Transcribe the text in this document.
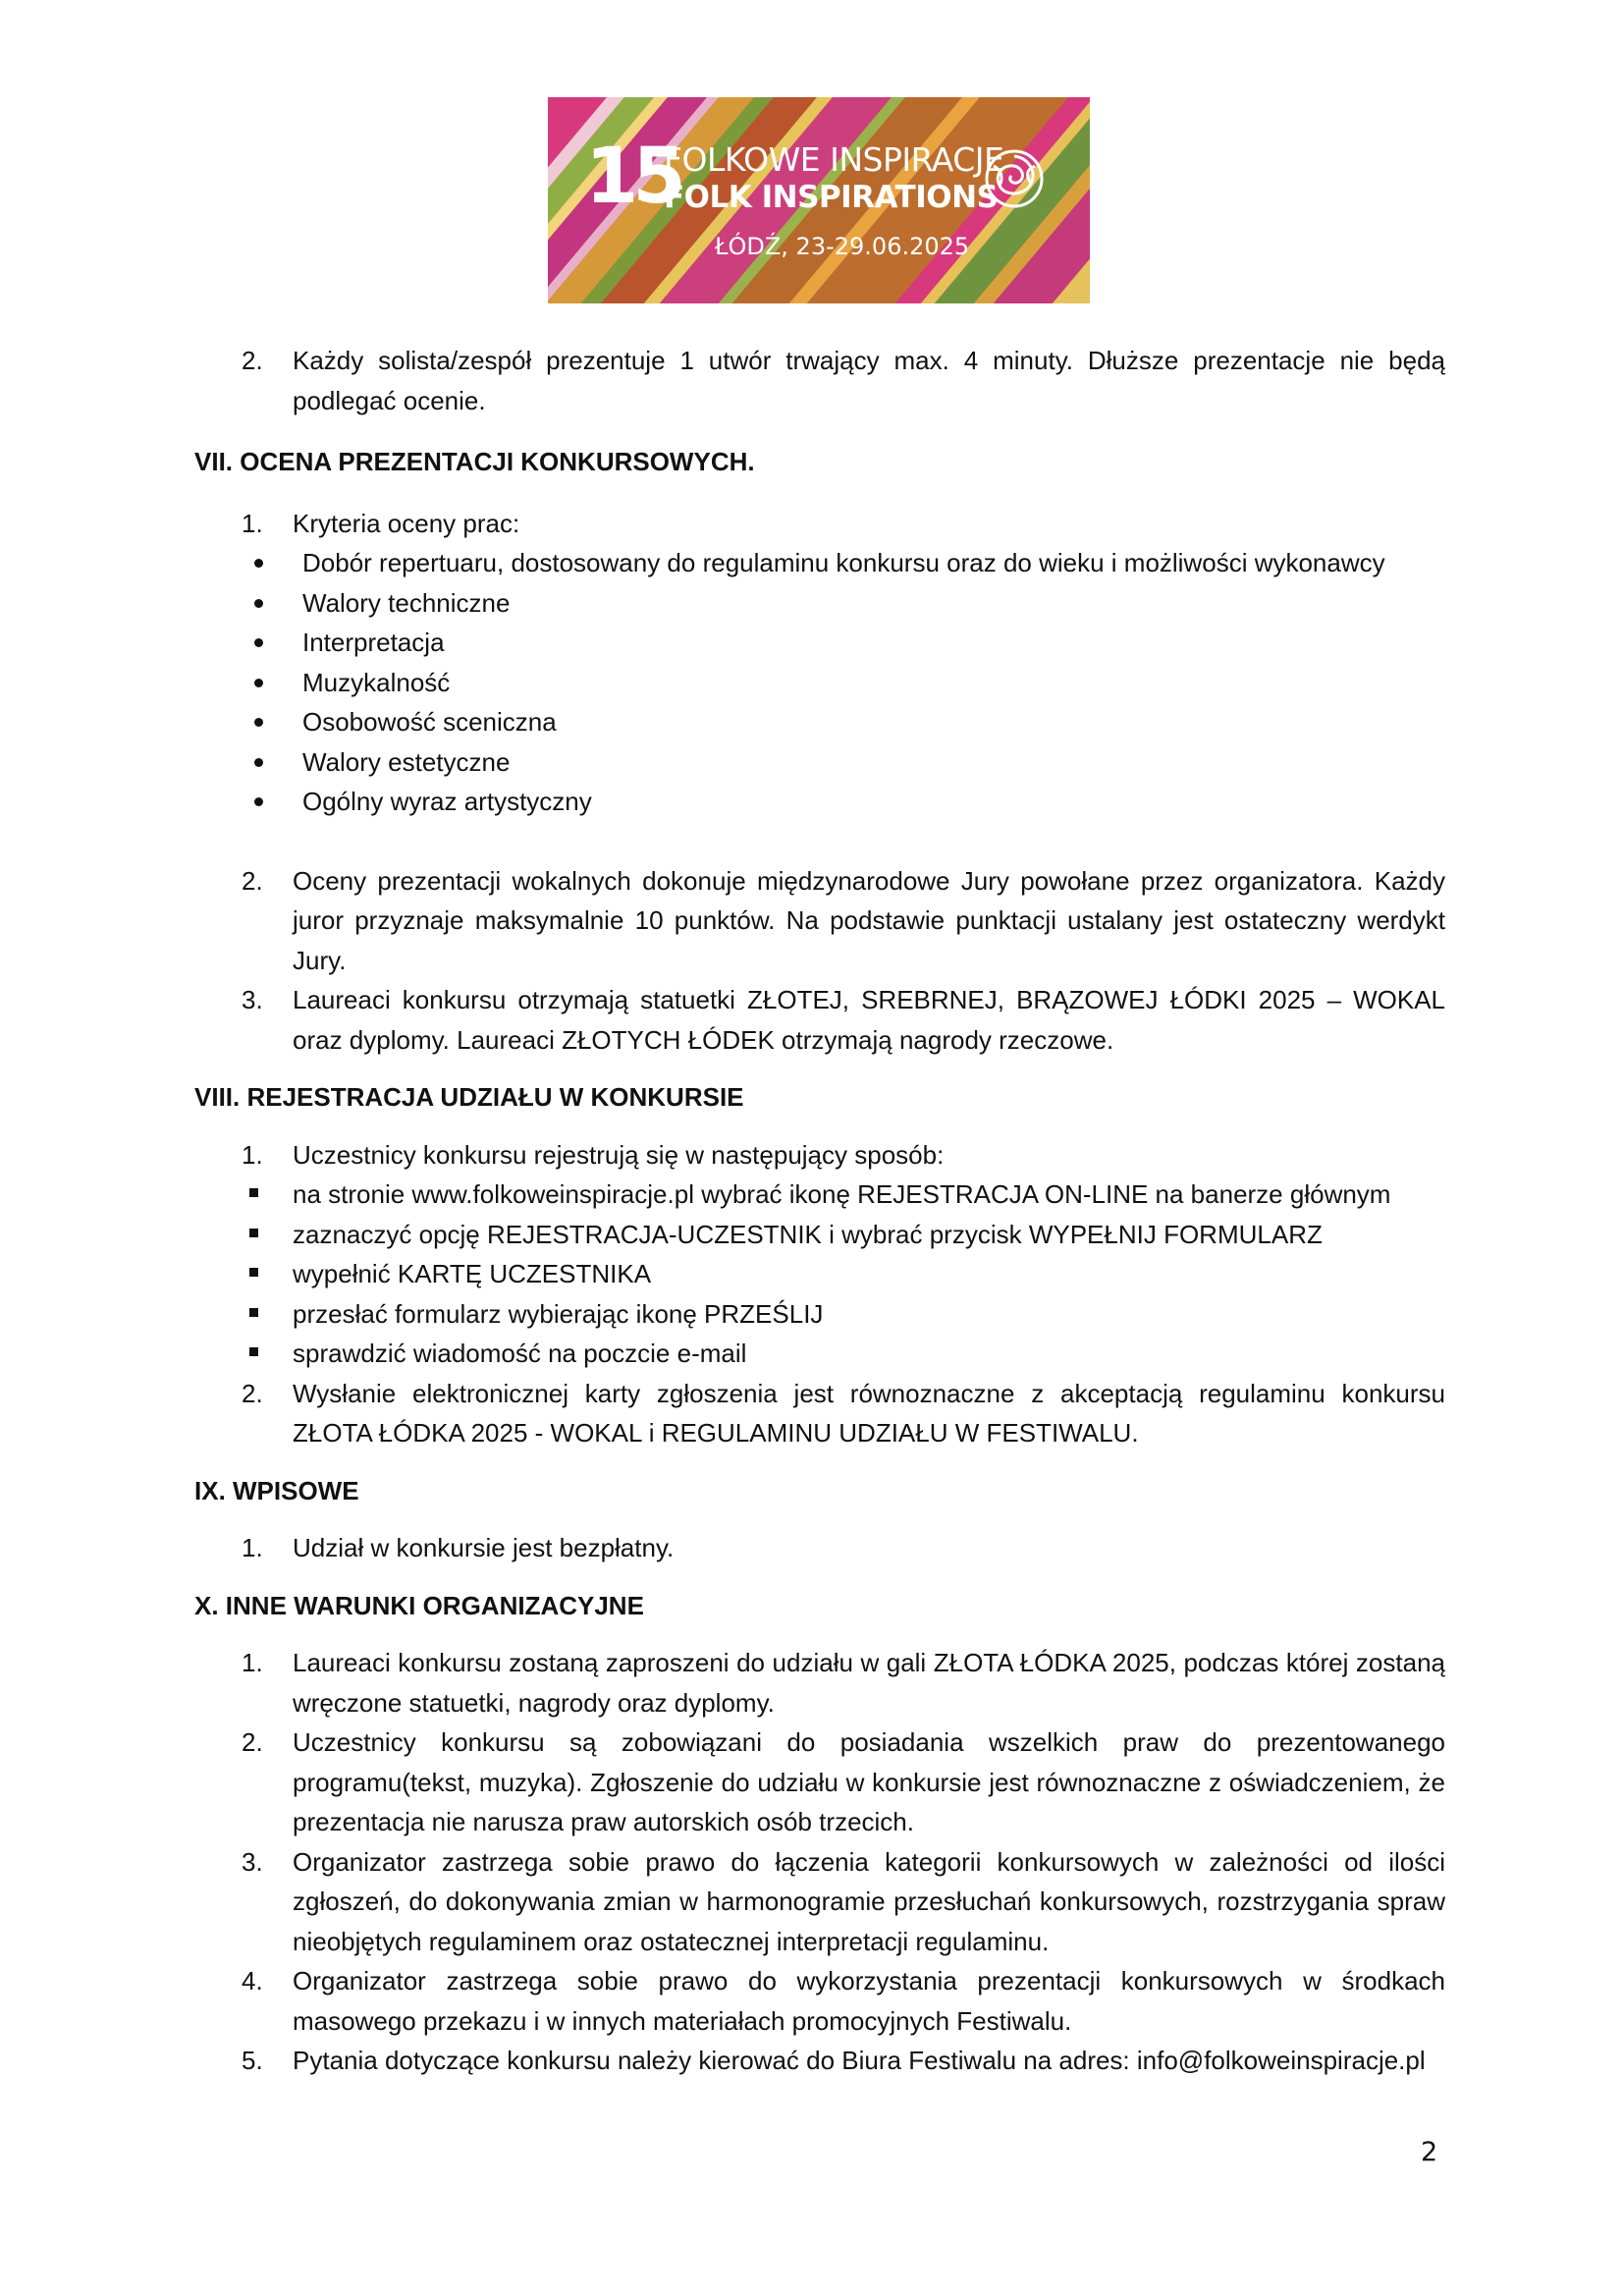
15
FOLKOWE INSPIRACJE
FOLK INSPIRATIONS
ŁÓDŹ, 23-29.06.2025
2. Każdy solista/zespół prezentuje 1 utwór trwający max. 4 minuty. Dłuższe prezentacje nie będą podlegać ocenie.
VII. OCENA PREZENTACJI KONKURSOWYCH.
1. Kryteria oceny prac:
Dobór repertuaru, dostosowany do regulaminu konkursu oraz do wieku i możliwości wykonawcy
Walory techniczne
Interpretacja
Muzykalność
Osobowość sceniczna
Walory estetyczne
Ogólny wyraz artystyczny
2. Oceny prezentacji wokalnych dokonuje międzynarodowe Jury powołane przez organizatora. Każdy juror przyznaje maksymalnie 10 punktów. Na podstawie punktacji ustalany jest ostateczny werdykt Jury.
3. Laureaci konkursu otrzymają statuetki ZŁOTEJ, SREBRNEJ, BRĄZOWEJ ŁÓDKI 2025 – WOKAL oraz dyplomy. Laureaci ZŁOTYCH ŁÓDEK otrzymają nagrody rzeczowe.
VIII. REJESTRACJA UDZIAŁU W KONKURSIE
1. Uczestnicy konkursu rejestrują się w następujący sposób:
na stronie www.folkoweinspiracje.pl wybrać ikonę REJESTRACJA ON-LINE na banerze głównym
zaznaczyć opcję REJESTRACJA-UCZESTNIK i wybrać przycisk WYPEŁNIJ FORMULARZ
wypełnić KARTĘ UCZESTNIKA
przesłać formularz wybierając ikonę PRZEŚLIJ
sprawdzić wiadomość na poczcie e-mail
2. Wysłanie elektronicznej karty zgłoszenia jest równoznaczne z akceptacją regulaminu konkursu ZŁOTA ŁÓDKA 2025 - WOKAL i REGULAMINU UDZIAŁU W FESTIWALU.
IX. WPISOWE
1. Udział w konkursie jest bezpłatny.
X. INNE WARUNKI ORGANIZACYJNE
1. Laureaci konkursu zostaną zaproszeni do udziału w gali ZŁOTA ŁÓDKA 2025, podczas której zostaną wręczone statuetki, nagrody oraz dyplomy.
2. Uczestnicy konkursu są zobowiązani do posiadania wszelkich praw do prezentowanego programu(tekst, muzyka). Zgłoszenie do udziału w konkursie jest równoznaczne z oświadczeniem, że prezentacja nie narusza praw autorskich osób trzecich.
3. Organizator zastrzega sobie prawo do łączenia kategorii konkursowych w zależności od ilości zgłoszeń, do dokonywania zmian w harmonogramie przesłuchań konkursowych, rozstrzygania spraw nieobjętych regulaminem oraz ostatecznej interpretacji regulaminu.
4. Organizator zastrzega sobie prawo do wykorzystania prezentacji konkursowych w środkach masowego przekazu i w innych materiałach promocyjnych Festiwalu.
5. Pytania dotyczące konkursu należy kierować do Biura Festiwalu na adres: info@folkoweinspiracje.pl
2
